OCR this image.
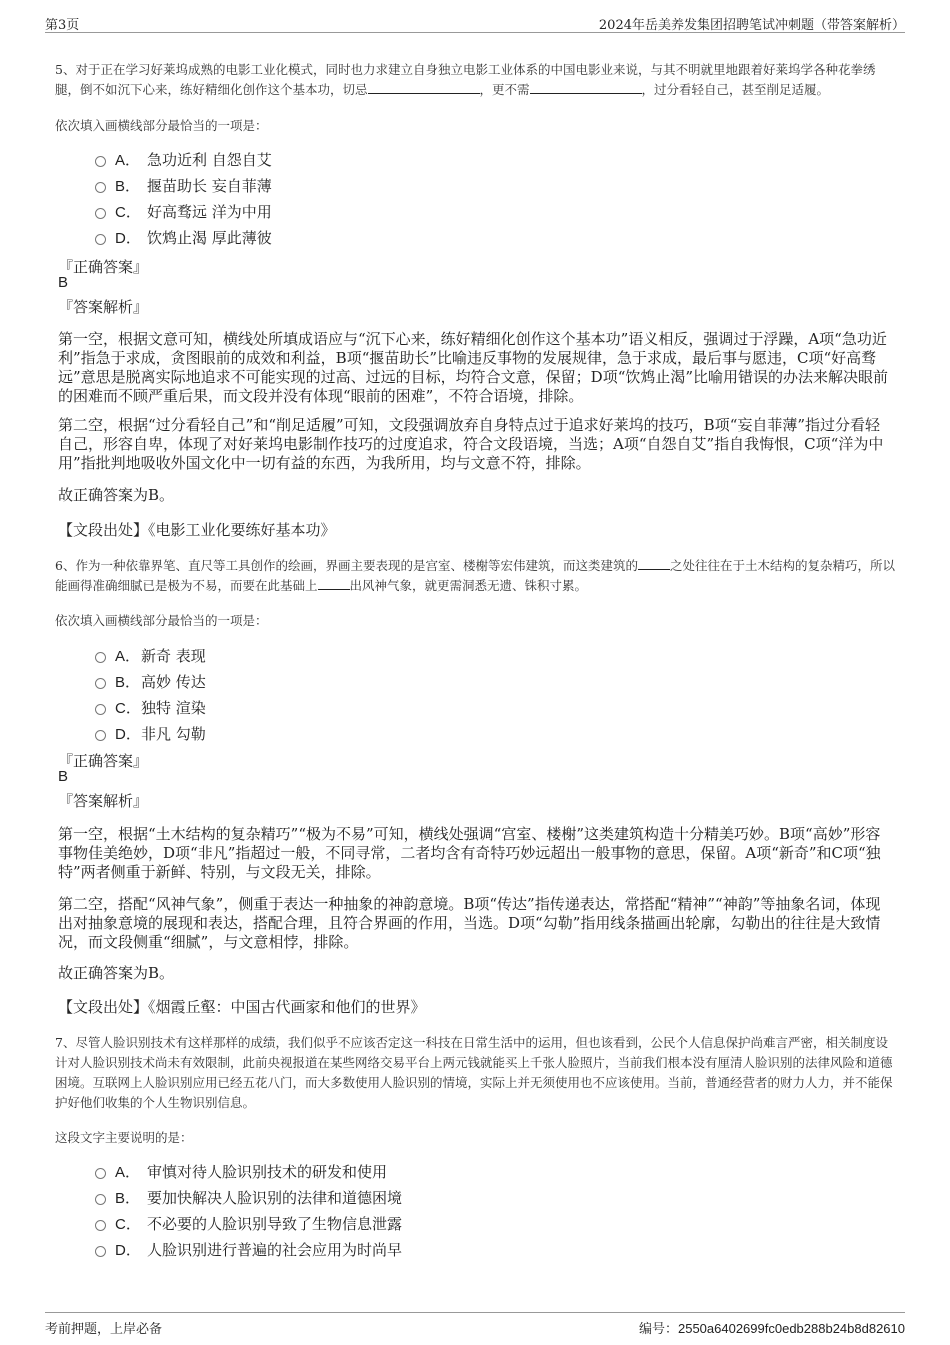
第3页	2024年岳美养发集团招聘笔试冲刺题（带答案解析）
5、对于正在学习好莱坞成熟的电影工业化模式，同时也力求建立自身独立电影工业体系的中国电影业来说，与其不明就里地跟着好莱坞学各种花拳绣腿，倒不如沉下心来，练好精细化创作这个基本功，切忌	，更不需	，过分看轻自己，甚至削足适履。
依次填入画横线部分最恰当的一项是：
A． 急功近利 自怨自艾
B． 揠苗助长 妄自菲薄
C． 好高骛远 洋为中用
D． 饮鸩止渴 厚此薄彼
『正确答案』
B
『答案解析』
第一空，根据文意可知，横线处所填成语应与“沉下心来，练好精细化创作这个基本功”语义相反，强调过于浮躁，A项“急功近利”指急于求成，贪图眼前的成效和利益，B项“揠苗助长”比喻违反事物的发展规律，急于求成，最后事与愿违，C项“好高骛远”意思是脱离实际地追求不可能实现的过高、过远的目标，均符合文意，保留；D项“饮鸩止渴”比喻用错误的办法来解决眼前的困难而不顾严重后果，而文段并没有体现“眼前的困难”，不符合语境，排除。
第二空，根据“过分看轻自己”和“削足适履”可知，文段强调放弃自身特点过于追求好莱坞的技巧，B项“妄自菲薄”指过分看轻自己，形容自卑，体现了对好莱坞电影制作技巧的过度追求，符合文段语境，当选；A项“自怨自艾”指自我悔恨，C项“洋为中用”指批判地吸收外国文化中一切有益的东西，为我所用，均与文意不符，排除。
故正确答案为B。
【文段出处】《电影工业化要练好基本功》
6、作为一种依靠界笔、直尺等工具创作的绘画，界画主要表现的是宫室、楼榭等宏伟建筑，而这类建筑的	之处往往在于土木结构的复杂精巧，所以能画得准确细腻已是极为不易，而要在此基础上	出风神气象，就更需洞悉无遗、铢积寸累。
依次填入画横线部分最恰当的一项是：
A． 新奇 表现
B． 高妙 传达
C． 独特 渲染
D． 非凡 勾勒
『正确答案』
B
『答案解析』
第一空，根据“土木结构的复杂精巧”“极为不易”可知，横线处强调“宫室、楼榭”这类建筑构造十分精美巧妙。B项“高妙”形容事物佳美绝妙，D项“非凡”指超过一般，不同寻常，二者均含有奇特巧妙远超出一般事物的意思，保留。A项“新奇”和C项“独特”两者侧重于新鲜、特别，与文段无关，排除。
第二空，搭配“风神气象”，侧重于表达一种抽象的神韵意境。B项“传达”指传递表达，常搭配“精神”“神韵”等抽象名词，体现出对抽象意境的展现和表达，搭配合理，且符合界画的作用，当选。D项“勾勒”指用线条描画出轮廓，勾勒出的往往是大致情况，而文段侧重“细腻”，与文意相悖，排除。
故正确答案为B。
【文段出处】《烟霞丘壑：中国古代画家和他们的世界》
7、尽管人脸识别技术有这样那样的成绩，我们似乎不应该否定这一科技在日常生活中的运用，但也该看到，公民个人信息保护尚难言严密，相关制度设计对人脸识别技术尚未有效限制，此前央视报道在某些网络交易平台上两元钱就能买上千张人脸照片，当前我们根本没有厘清人脸识别的法律风险和道德困境。互联网上人脸识别应用已经五花八门，而大多数使用人脸识别的情境，实际上并无须使用也不应该使用。当前，普通经营者的财力人力，并不能保护好他们收集的个人生物识别信息。
这段文字主要说明的是：
A． 审慎对待人脸识别技术的研发和使用
B． 要加快解决人脸识别的法律和道德困境
C． 不必要的人脸识别导致了生物信息泄露
D． 人脸识别进行普遍的社会应用为时尚早
考前押题，上岸必备	编号：2550a6402699fc0edb288b24b8d82610
